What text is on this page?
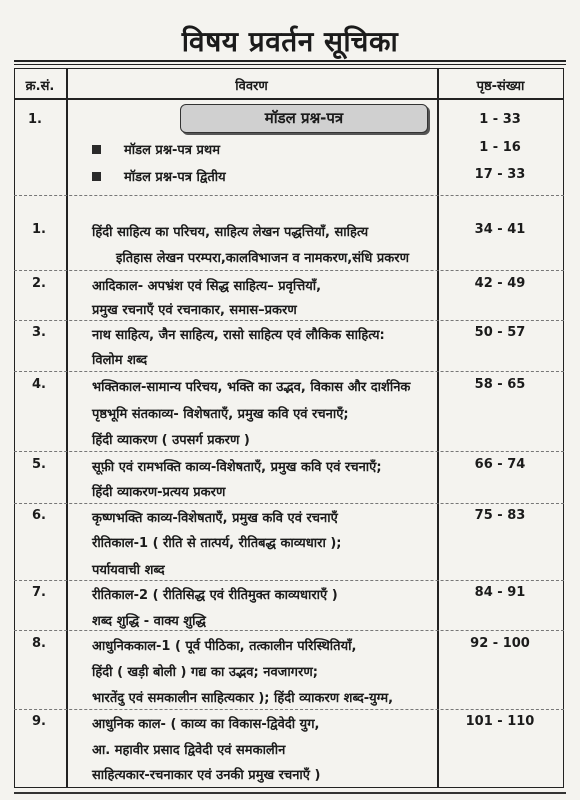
विषय प्रवर्तन सूचिका
क्र.सं.	विवरण	पृष्ठ-संख्या
1.	मॉडल प्रश्न-पत्र	1 - 33
मॉडल प्रश्न-पत्र प्रथम	1 - 16
मॉडल प्रश्न-पत्र द्वितीय	17 - 33
1.	हिंदी साहित्य का परिचय, साहित्य लेखन पद्धत्तियाँ, साहित्य
इतिहास लेखन परम्परा,कालविभाजन व नामकरण,संधि प्रकरण
34 - 41
2.	आदिकाल- अपभ्रंश एवं सिद्ध साहित्य– प्रवृत्तियाँ,
प्रमुख रचनाएँ एवं रचनाकार, समास–प्रकरण
42 - 49
3.	नाथ साहित्य, जैन साहित्य, रासो साहित्य एवं लौकिक साहित्य:
विलोम शब्द
50 - 57
4.	भक्तिकाल-सामान्य परिचय, भक्ति का उद्भव, विकास और दार्शनिक
पृष्ठभूमि संतकाव्य- विशेषताएँ, प्रमुख कवि एवं रचनाएँ;
हिंदी व्याकरण ( उपसर्ग प्रकरण )
58 - 65
5.	सूफ़ी एवं रामभक्ति काव्य-विशेषताएँ, प्रमुख कवि एवं रचनाएँ;
हिंदी व्याकरण-प्रत्यय प्रकरण
66 - 74
6.	कृष्णभक्ति काव्य-विशेषताएँ, प्रमुख कवि एवं रचनाएँ
रीतिकाल-1 ( रीति से तात्पर्य, रीतिबद्ध काव्यधारा );
पर्यायवाची शब्द
75 - 83
7.	रीतिकाल-2 ( रीतिसिद्ध एवं रीतिमुक्त काव्यधाराएँ )
शब्द शुद्धि - वाक्य शुद्धि
84 - 91
8.	आधुनिककाल-1 ( पूर्व पीठिका, तत्कालीन परिस्थितियाँ,
हिंदी ( खड़ी बोली ) गद्य का उद्भव; नवजागरण;
भारतेंदु एवं समकालीन साहित्यकार ); हिंदी व्याकरण शब्द-युग्म,
92 - 100
9.	आधुनिक काल- ( काव्य का विकास-द्विवेदी युग,
आ. महावीर प्रसाद द्विवेदी एवं समकालीन
साहित्यकार-रचनाकार एवं उनकी प्रमुख रचनाएँ )
101 - 110
